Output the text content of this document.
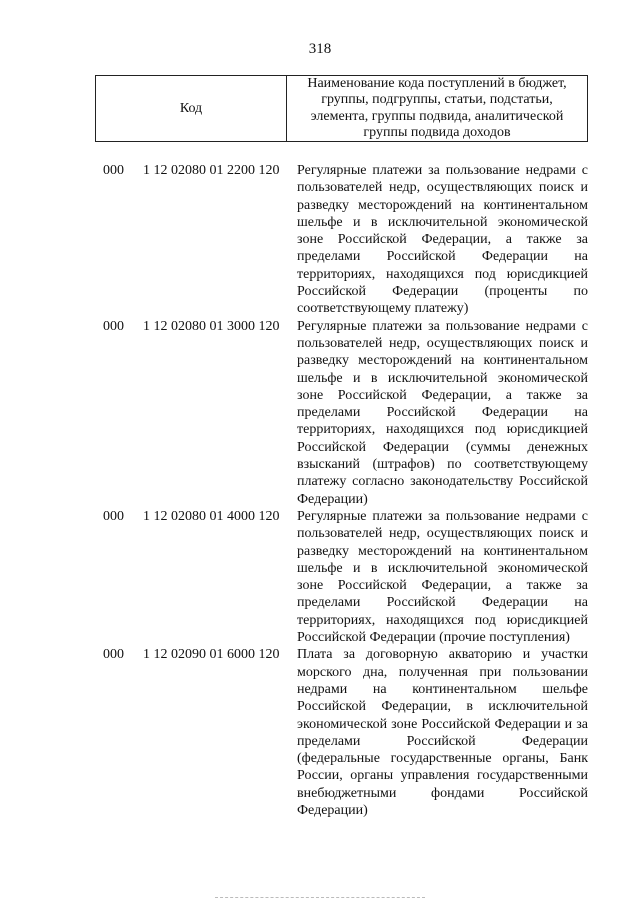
318
Код
Наименование кода поступлений в бюджет, группы, подгруппы, статьи, подстатьи, элемента, группы подвида, аналитической группы подвида доходов
000	1 12 02080 01 2200 120	Регулярные платежи за пользование недрами с пользователей недр, осуществляющих поиск и разведку месторождений на континентальном шельфе и в исключительной экономической зоне Российской Федерации, а также за пределами Российской Федерации на территориях, находящихся под юрисдикцией Российской Федерации (проценты по соответствующему платежу)
000	1 12 02080 01 3000 120	Регулярные платежи за пользование недрами с пользователей недр, осуществляющих поиск и разведку месторождений на континентальном шельфе и в исключительной экономической зоне Российской Федерации, а также за пределами Российской Федерации на территориях, находящихся под юрисдикцией Российской Федерации (суммы денежных взысканий (штрафов) по соответствующему платежу согласно законодательству Российской Федерации)
000	1 12 02080 01 4000 120	Регулярные платежи за пользование недрами с пользователей недр, осуществляющих поиск и разведку месторождений на континентальном шельфе и в исключительной экономической зоне Российской Федерации, а также за пределами Российской Федерации на территориях, находящихся под юрисдикцией Российской Федерации (прочие поступления)
000	1 12 02090 01 6000 120	Плата за договорную акваторию и участки морского дна, полученная при пользовании недрами на континентальном шельфе Российской Федерации, в исключительной экономической зоне Российской Федерации и за пределами Российской Федерации (федеральные государственные органы, Банк России, органы управления государственными внебюджетными фондами Российской Федерации)
